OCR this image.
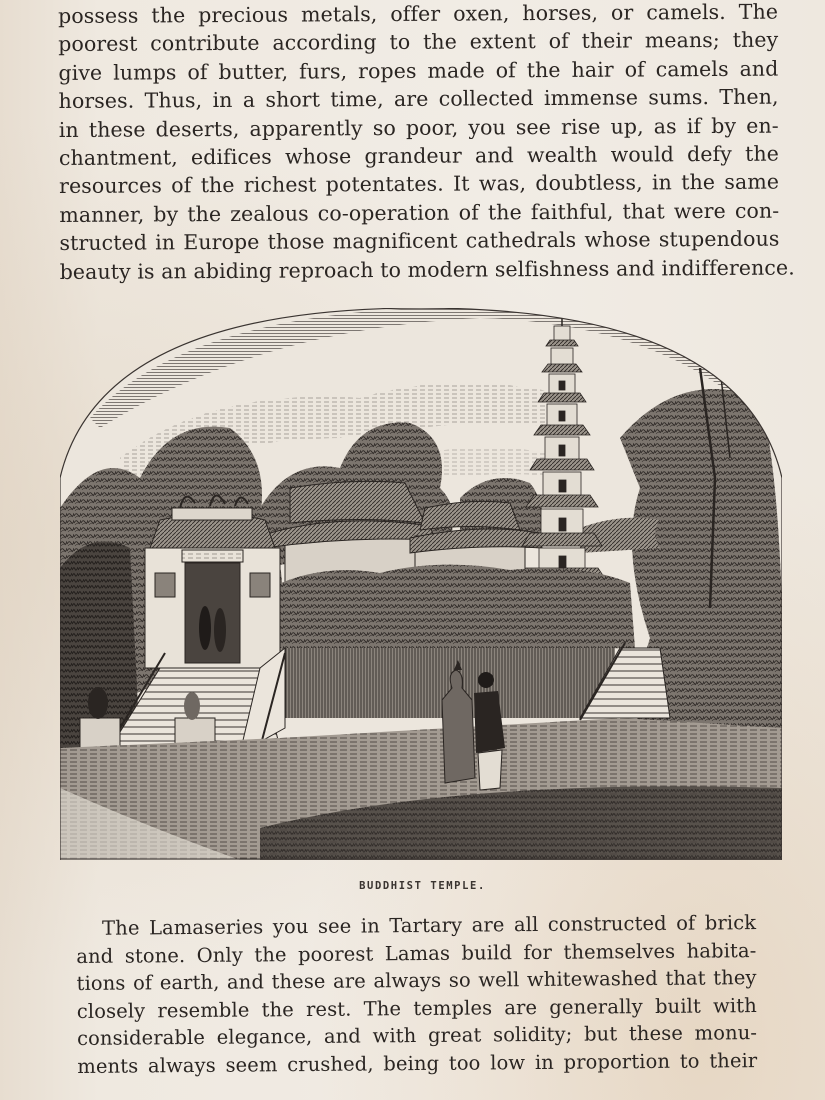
possess the precious metals, offer oxen, horses, or camels. The
poorest contribute according to the extent of their means; they
give lumps of butter, furs, ropes made of the hair of camels and
horses. Thus, in a short time, are collected immense sums. Then,
in these deserts, apparently so poor, you see rise up, as if by en-
chantment, edifices whose grandeur and wealth would defy the
resources of the richest potentates. It was, doubtless, in the same
manner, by the zealous co-operation of the faithful, that were con-
structed in Europe those magnificent cathedrals whose stupendous
beauty is an abiding reproach to modern selfishness and indifference.
BUDDHIST TEMPLE.
The Lamaseries you see in Tartary are all constructed of brick
and stone. Only the poorest Lamas build for themselves habita-
tions of earth, and these are always so well whitewashed that they
closely resemble the rest. The temples are generally built with
considerable elegance, and with great solidity; but these monu-
ments always seem crushed, being too low in proportion to their
